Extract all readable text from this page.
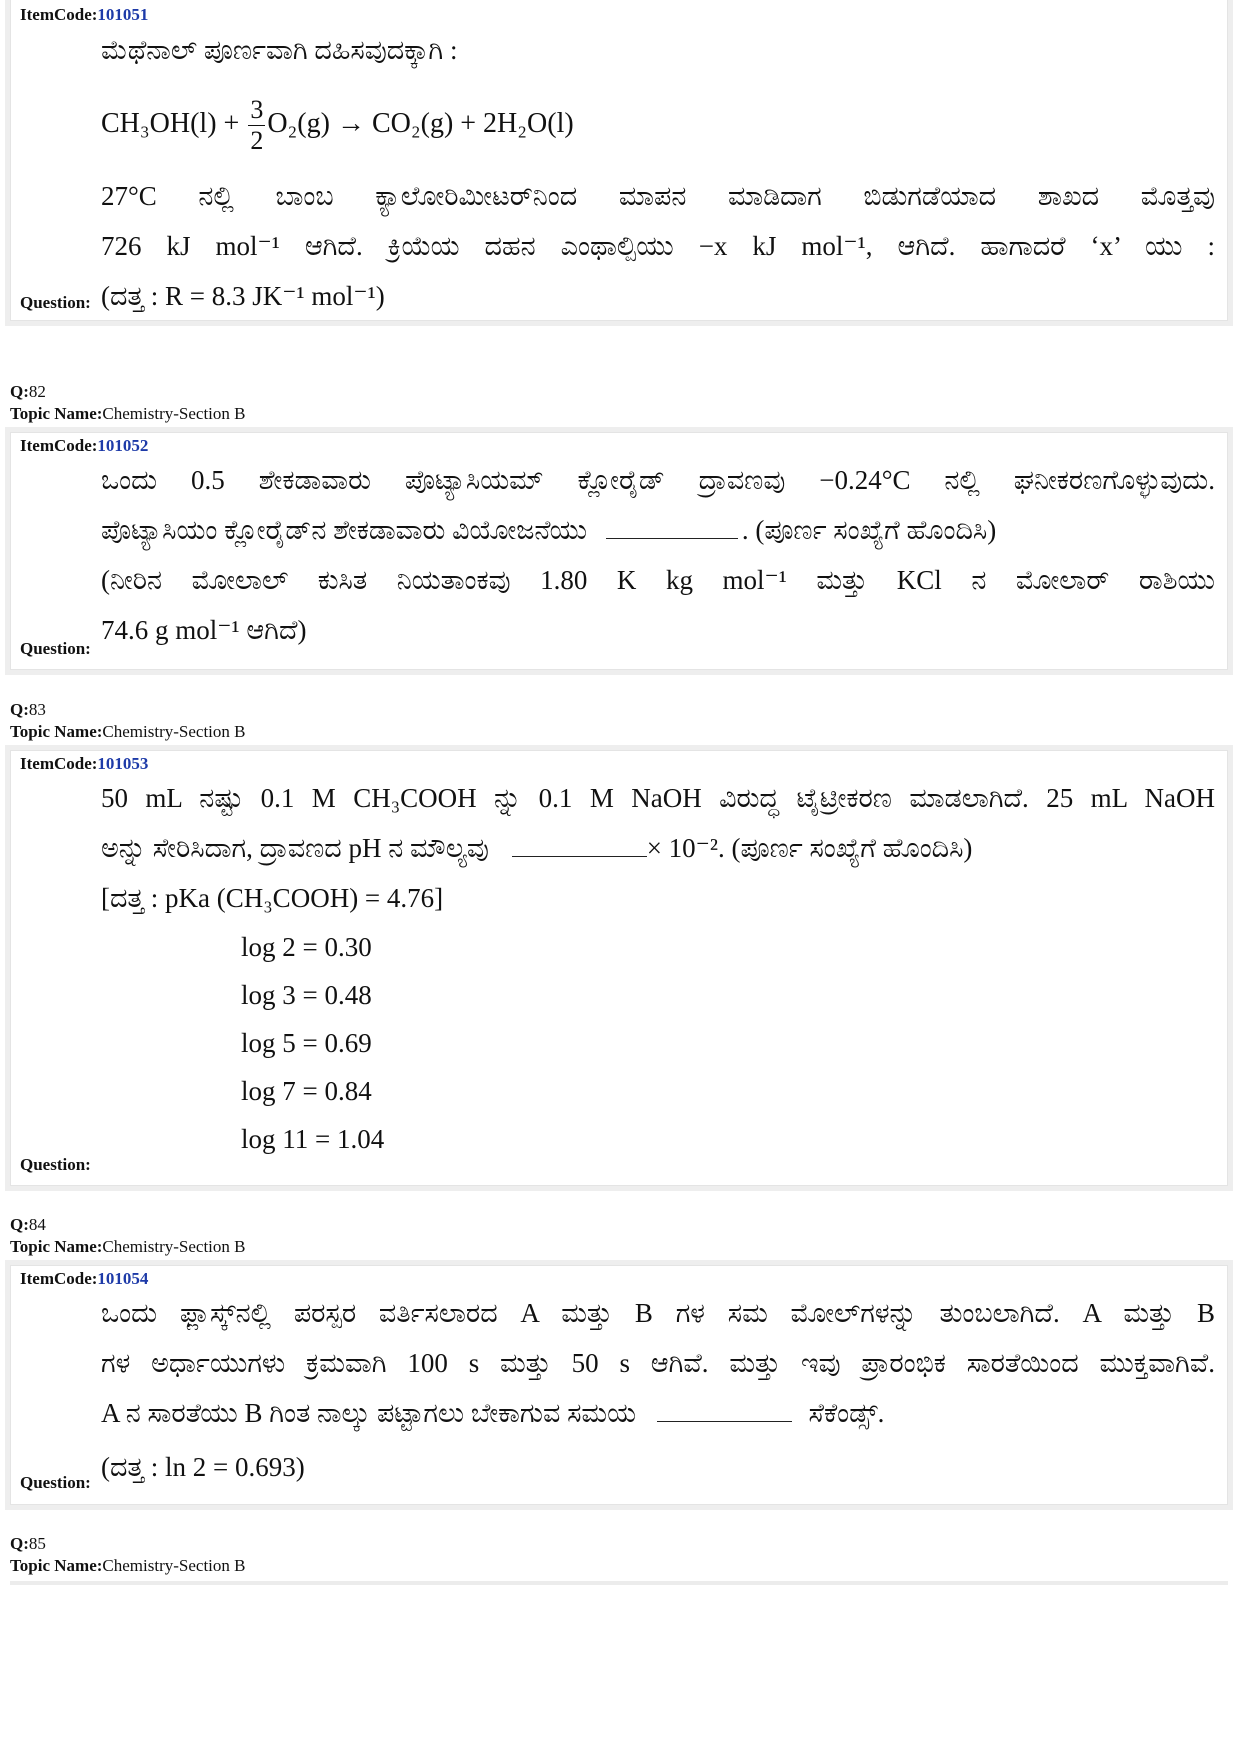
ItemCode:101051
ಮೆಥೆನಾಲ್ ಪೂರ್ಣವಾಗಿ ದಹಿಸವುದಕ್ಕಾಗಿ :
$CH_3OH(l) + \frac{3}{2} O_2(g) \to CO_2(g) + 2H_2O(l)$
27°C ನಲ್ಲಿ ಬಾಂಬ ಕ್ಯಾಲೋರಿಮೀಟರ್‌ನಿಂದ ಮಾಪನ ಮಾಡಿದಾಗ ಬಿಡುಗಡೆಯಾದ ಶಾಖದ ಮೊತ್ತವು
726 kJ mol⁻¹ ಆಗಿದೆ. ಕ್ರಿಯೆಯ ದಹನ ಎಂಥಾಲ್ಪಿಯು −x kJ mol⁻¹, ಆಗಿದೆ. ಹಾಗಾದರೆ ‘x’ ಯು :
(ದತ್ತ : R = 8.3 JK⁻¹ mol⁻¹)
Question:
Q:82
Topic Name:Chemistry-Section B
ItemCode:101052
ಒಂದು 0.5 ಶೇಕಡಾವಾರು ಪೊಟ್ಯಾಸಿಯಮ್ ಕ್ಲೋರೈಡ್ ದ್ರಾವಣವು −0.24°C ನಲ್ಲಿ ಘನೀಕರಣಗೊಳ್ಳುವುದು.
ಪೊಟ್ಯಾಸಿಯಂ ಕ್ಲೋರೈಡ್‌ನ ಶೇಕಡಾವಾರು ವಿಯೋಜನೆಯು	. (ಪೂರ್ಣ ಸಂಖ್ಯೆಗೆ ಹೊಂದಿಸಿ)
(ನೀರಿನ ಮೋಲಾಲ್ ಕುಸಿತ ನಿಯತಾಂಕವು 1.80 K kg mol⁻¹ ಮತ್ತು KCl ನ ಮೋಲಾರ್ ರಾಶಿಯು
74.6 g mol⁻¹ ಆಗಿದೆ)
Question:
Q:83
Topic Name:Chemistry-Section B
ItemCode:101053
50 mL ನಷ್ಟು 0.1 M CH₃COOH ನ್ನು 0.1 M NaOH ವಿರುದ್ಧ ಟೈಟ್ರೀಕರಣ ಮಾಡಲಾಗಿದೆ. 25 mL NaOH
ಅನ್ನು ಸೇರಿಸಿದಾಗ, ದ್ರಾವಣದ pH ನ ಮೌಲ್ಯವು	× 10⁻². (ಪೂರ್ಣ ಸಂಖ್ಯೆಗೆ ಹೊಂದಿಸಿ)
[ದತ್ತ : pKa (CH₃COOH) = 4.76]
log 2 = 0.30
log 3 = 0.48
log 5 = 0.69
log 7 = 0.84
log 11 = 1.04
Question:
Q:84
Topic Name:Chemistry-Section B
ItemCode:101054
ಒಂದು ಫ್ಲಾಸ್ಕ್‌ನಲ್ಲಿ ಪರಸ್ಪರ ವರ್ತಿಸಲಾರದ A ಮತ್ತು B ಗಳ ಸಮ ಮೋಲ್‌ಗಳನ್ನು ತುಂಬಲಾಗಿದೆ. A ಮತ್ತು B
ಗಳ ಅರ್ಧಾಯುಗಳು ಕ್ರಮವಾಗಿ 100 s ಮತ್ತು 50 s ಆಗಿವೆ. ಮತ್ತು ಇವು ಪ್ರಾರಂಭಿಕ ಸಾರತೆಯಿಂದ ಮುಕ್ತವಾಗಿವೆ.
A ನ ಸಾರತೆಯು B ಗಿಂತ ನಾಲ್ಕು ಪಟ್ಟಾಗಲು ಬೇಕಾಗುವ ಸಮಯ	ಸೆಕೆಂಡ್ಸ್.
(ದತ್ತ : ln 2 = 0.693)
Question:
Q:85
Topic Name:Chemistry-Section B
